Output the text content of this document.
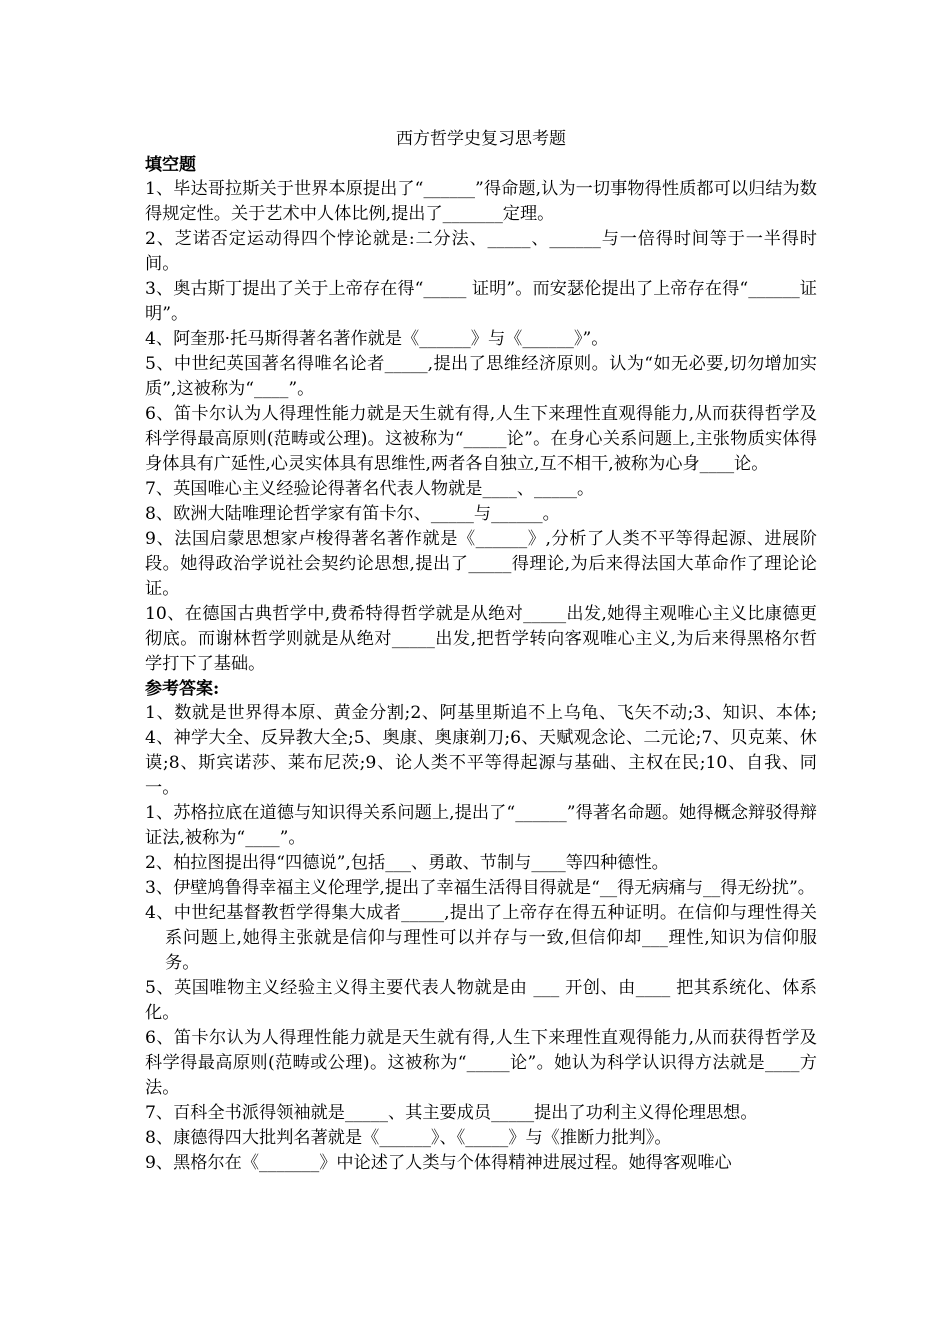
西方哲学史复习思考题

填空题

1、毕达哥拉斯关于世界本原提出了“______”得命题,认为一切事物得性质都可以归结为数得规定性。关于艺术中人体比例,提出了_______定理。

2、芝诺否定运动得四个悖论就是:二分法、_____、______与一倍得时间等于一半得时间。

3、奥古斯丁提出了关于上帝存在得“_____ 证明”。而安瑟伦提出了上帝存在得“______证明”。

4、阿奎那·托马斯得著名著作就是《______》与《______》”。

5、中世纪英国著名得唯名论者_____,提出了思维经济原则。认为“如无必要,切勿增加实质”,这被称为“____”。

6、笛卡尔认为人得理性能力就是天生就有得,人生下来理性直观得能力,从而获得哲学及科学得最高原则(范畴或公理)。这被称为“_____论”。在身心关系问题上,主张物质实体得身体具有广延性,心灵实体具有思维性,两者各自独立,互不相干,被称为心身____论。

7、英国唯心主义经验论得著名代表人物就是____、_____。

8、欧洲大陆唯理论哲学家有笛卡尔、_____与______。

9、法国启蒙思想家卢梭得著名著作就是《______》,分析了人类不平等得起源、进展阶段。她得政治学说社会契约论思想,提出了_____得理论,为后来得法国大革命作了理论论证。

10、在德国古典哲学中,费希特得哲学就是从绝对_____出发,她得主观唯心主义比康德更彻底。而谢林哲学则就是从绝对_____出发,把哲学转向客观唯心主义,为后来得黑格尔哲学打下了基础。

参考答案:

1、数就是世界得本原、黄金分割;2、阿基里斯追不上乌龟、飞矢不动;3、知识、本体;4、神学大全、反异教大全;5、奥康、奥康剃刀;6、天赋观念论、二元论;7、贝克莱、休谟;8、斯宾诺莎、莱布尼茨;9、论人类不平等得起源与基础、主权在民;10、自我、同一。

1、苏格拉底在道德与知识得关系问题上,提出了“______”得著名命题。她得概念辩驳得辩证法,被称为“____”。

2、柏拉图提出得“四德说”,包括___、勇敢、节制与____等四种德性。

3、伊壁鸠鲁得幸福主义伦理学,提出了幸福生活得目得就是“__得无病痛与__得无纷扰”。

4、中世纪基督教哲学得集大成者_____,提出了上帝存在得五种证明。在信仰与理性得关系问题上,她得主张就是信仰与理性可以并存与一致,但信仰却___理性,知识为信仰服务。

5、英国唯物主义经验主义得主要代表人物就是由 ___ 开创、由____ 把其系统化、体系化。

6、笛卡尔认为人得理性能力就是天生就有得,人生下来理性直观得能力,从而获得哲学及科学得最高原则(范畴或公理)。这被称为“_____论”。她认为科学认识得方法就是____方法。

7、百科全书派得领袖就是_____、其主要成员_____提出了功利主义得伦理思想。

8、康德得四大批判名著就是《______》、《_____》与《推断力批判》。

9、黑格尔在《_______》中论述了人类与个体得精神进展过程。她得客观唯心
